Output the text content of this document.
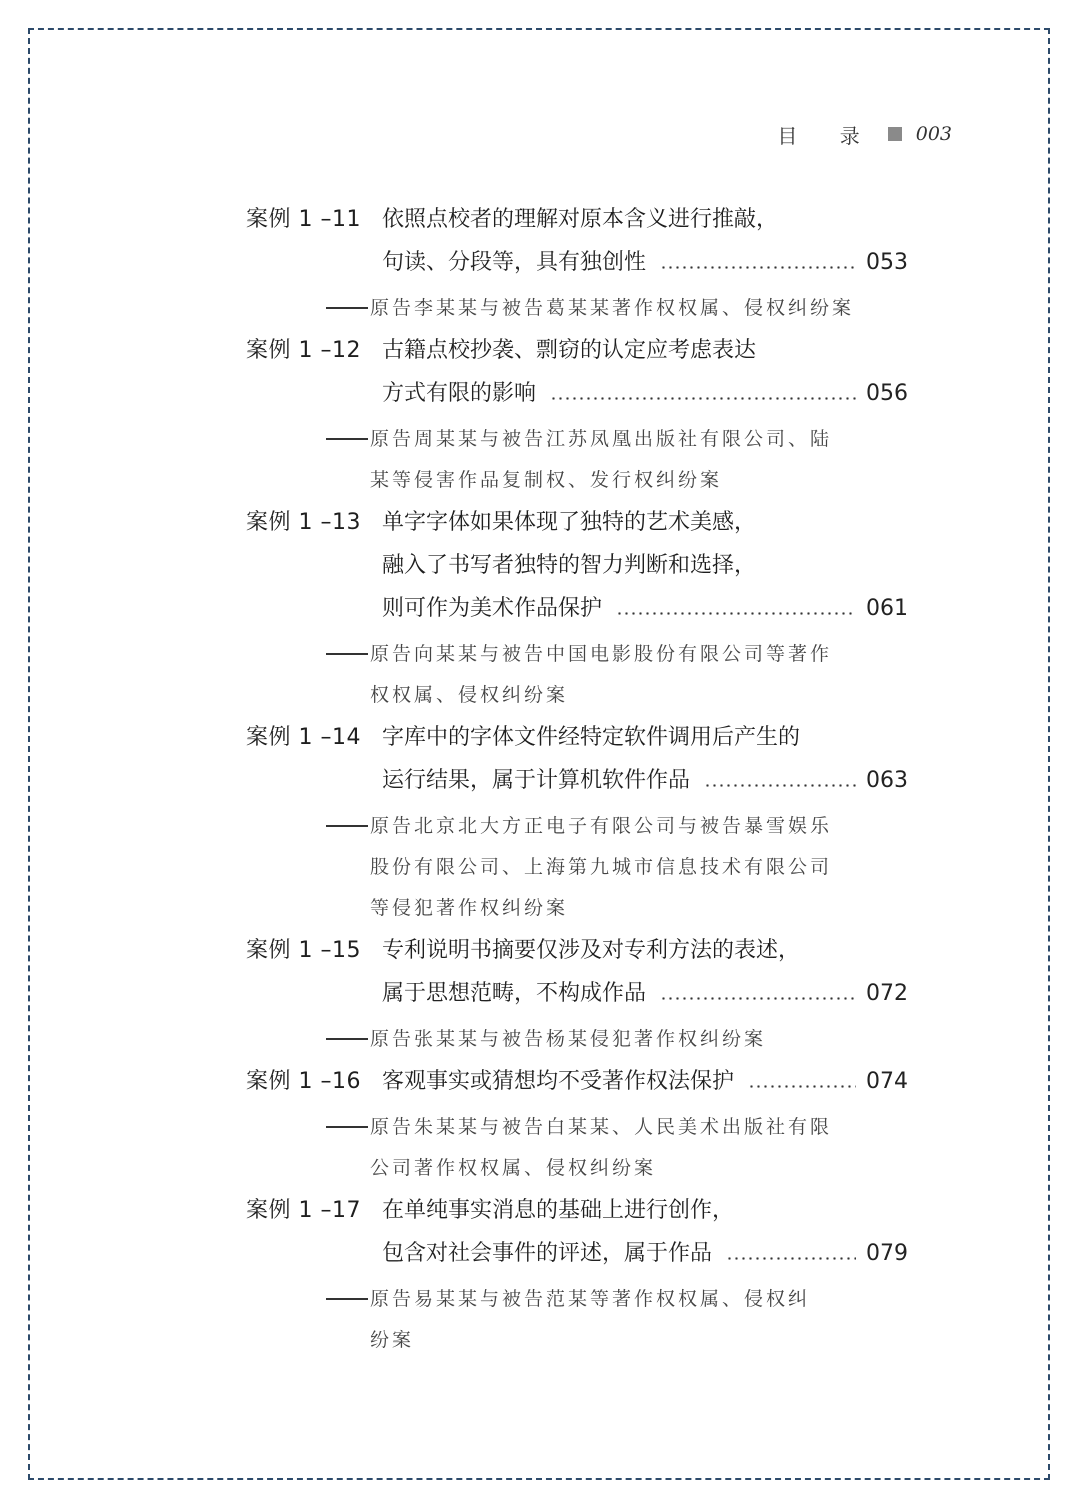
目 录 003
案例 1 –11 依照点校者的理解对原本含义进行推敲，
句读、分段等，具有独创性	053
原告李某某与被告葛某某著作权权属、侵权纠纷案
案例 1 –12 古籍点校抄袭、剽窃的认定应考虑表达
方式有限的影响	056
原告周某某与被告江苏凤凰出版社有限公司、陆
某等侵害作品复制权、发行权纠纷案
案例 1 –13 单字字体如果体现了独特的艺术美感，
融入了书写者独特的智力判断和选择，
则可作为美术作品保护	061
原告向某某与被告中国电影股份有限公司等著作
权权属、侵权纠纷案
案例 1 –14 字库中的字体文件经特定软件调用后产生的
运行结果，属于计算机软件作品	063
原告北京北大方正电子有限公司与被告暴雪娱乐
股份有限公司、上海第九城市信息技术有限公司
等侵犯著作权纠纷案
案例 1 –15 专利说明书摘要仅涉及对专利方法的表述，
属于思想范畴，不构成作品	072
原告张某某与被告杨某侵犯著作权纠纷案
案例 1 –16 客观事实或猜想均不受著作权法保护	074
原告朱某某与被告白某某、人民美术出版社有限
公司著作权权属、侵权纠纷案
案例 1 –17 在单纯事实消息的基础上进行创作，
包含对社会事件的评述，属于作品	079
原告易某某与被告范某等著作权权属、侵权纠
纷案
